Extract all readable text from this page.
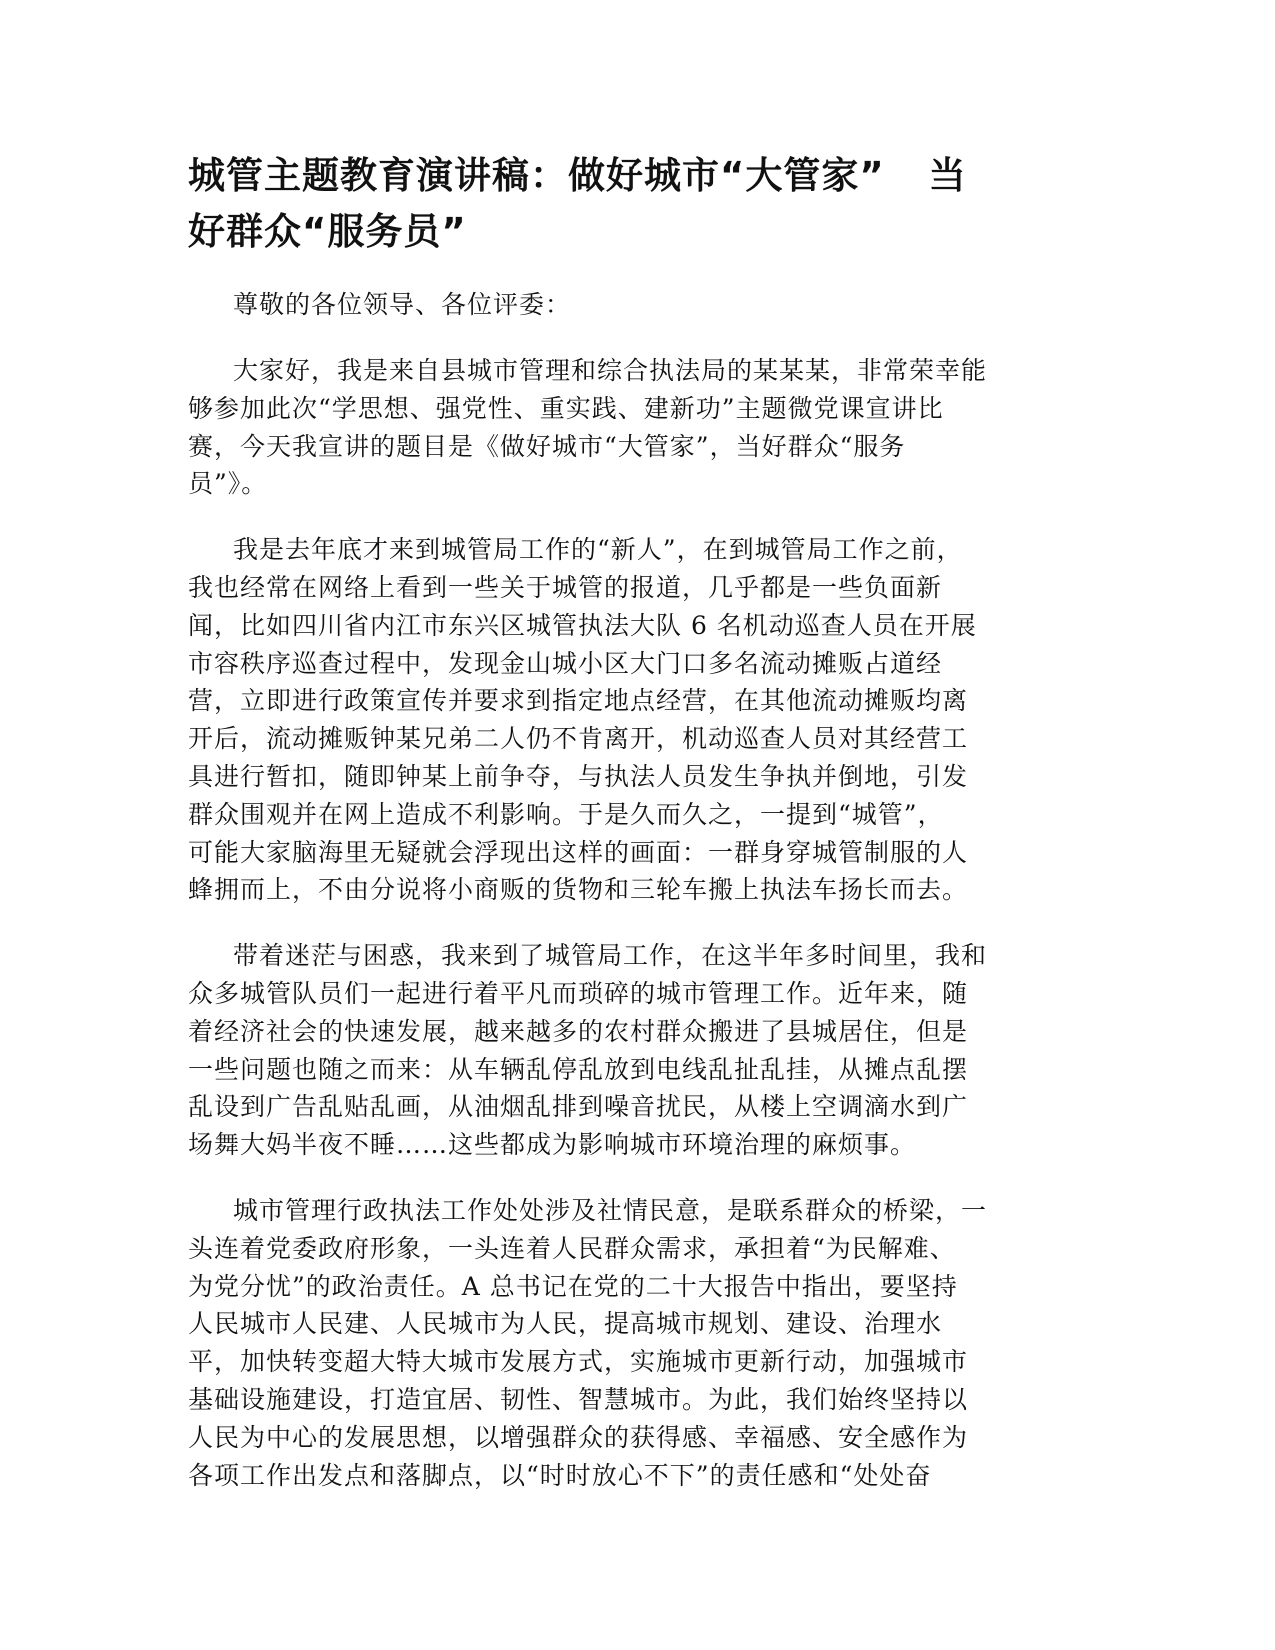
城管主题教育演讲稿：做好城市“大管家” 当
好群众“服务员”

尊敬的各位领导、各位评委：

大家好，我是来自县城市管理和综合执法局的某某某，非常荣幸能
够参加此次“学思想、强党性、重实践、建新功”主题微党课宣讲比
赛，今天我宣讲的题目是《做好城市“大管家”，当好群众“服务
员”》。
我是去年底才来到城管局工作的“新人”，在到城管局工作之前，
我也经常在网络上看到一些关于城管的报道，几乎都是一些负面新
闻，比如四川省内江市东兴区城管执法大队 6 名机动巡查人员在开展
市容秩序巡查过程中，发现金山城小区大门口多名流动摊贩占道经
营，立即进行政策宣传并要求到指定地点经营，在其他流动摊贩均离
开后，流动摊贩钟某兄弟二人仍不肯离开，机动巡查人员对其经营工
具进行暂扣，随即钟某上前争夺，与执法人员发生争执并倒地，引发
群众围观并在网上造成不利影响。于是久而久之，一提到“城管”，
可能大家脑海里无疑就会浮现出这样的画面：一群身穿城管制服的人
蜂拥而上，不由分说将小商贩的货物和三轮车搬上执法车扬长而去。
带着迷茫与困惑，我来到了城管局工作，在这半年多时间里，我和
众多城管队员们一起进行着平凡而琐碎的城市管理工作。近年来，随
着经济社会的快速发展，越来越多的农村群众搬进了县城居住，但是
一些问题也随之而来：从车辆乱停乱放到电线乱扯乱挂，从摊点乱摆
乱设到广告乱贴乱画，从油烟乱排到噪音扰民，从楼上空调滴水到广
场舞大妈半夜不睡……这些都成为影响城市环境治理的麻烦事。
城市管理行政执法工作处处涉及社情民意，是联系群众的桥梁，一
头连着党委政府形象，一头连着人民群众需求，承担着“为民解难、
为党分忧”的政治责任。A 总书记在党的二十大报告中指出，要坚持
人民城市人民建、人民城市为人民，提高城市规划、建设、治理水
平，加快转变超大特大城市发展方式，实施城市更新行动，加强城市
基础设施建设，打造宜居、韧性、智慧城市。为此，我们始终坚持以
人民为中心的发展思想，以增强群众的获得感、幸福感、安全感作为
各项工作出发点和落脚点，以“时时放心不下”的责任感和“处处奋
